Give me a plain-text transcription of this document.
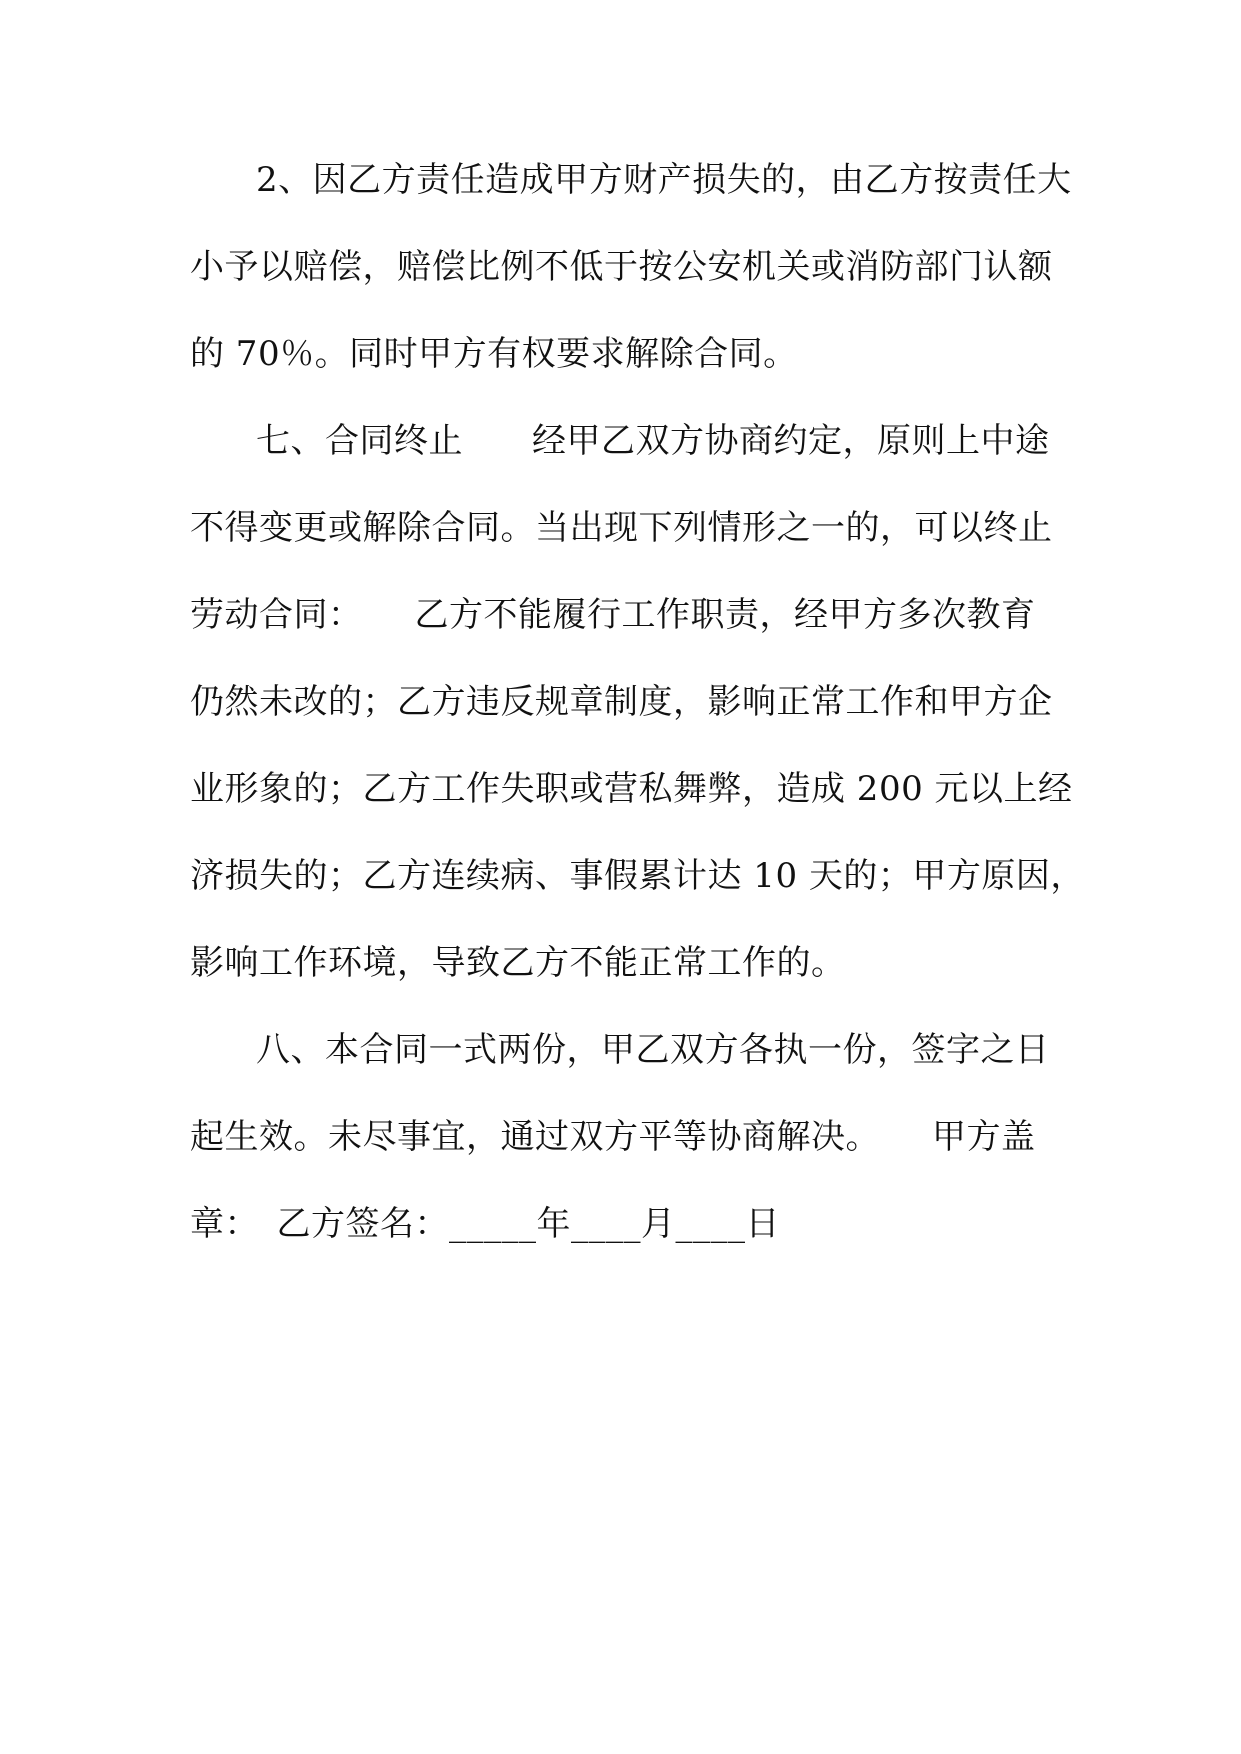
2、因乙方责任造成甲方财产损失的，由乙方按责任大
小予以赔偿，赔偿比例不低于按公安机关或消防部门认额
的 70％。同时甲方有权要求解除合同。
七、合同终止　　经甲乙双方协商约定，原则上中途
不得变更或解除合同。当出现下列情形之一的，可以终止
劳动合同：　　乙方不能履行工作职责，经甲方多次教育
仍然未改的；乙方违反规章制度，影响正常工作和甲方企
业形象的；乙方工作失职或营私舞弊，造成 200 元以上经
济损失的；乙方连续病、事假累计达 10 天的；甲方原因，
影响工作环境，导致乙方不能正常工作的。
八、本合同一式两份，甲乙双方各执一份，签字之日
起生效。未尽事宜，通过双方平等协商解决。　　甲方盖
章：　乙方签名：_____年____月____日
